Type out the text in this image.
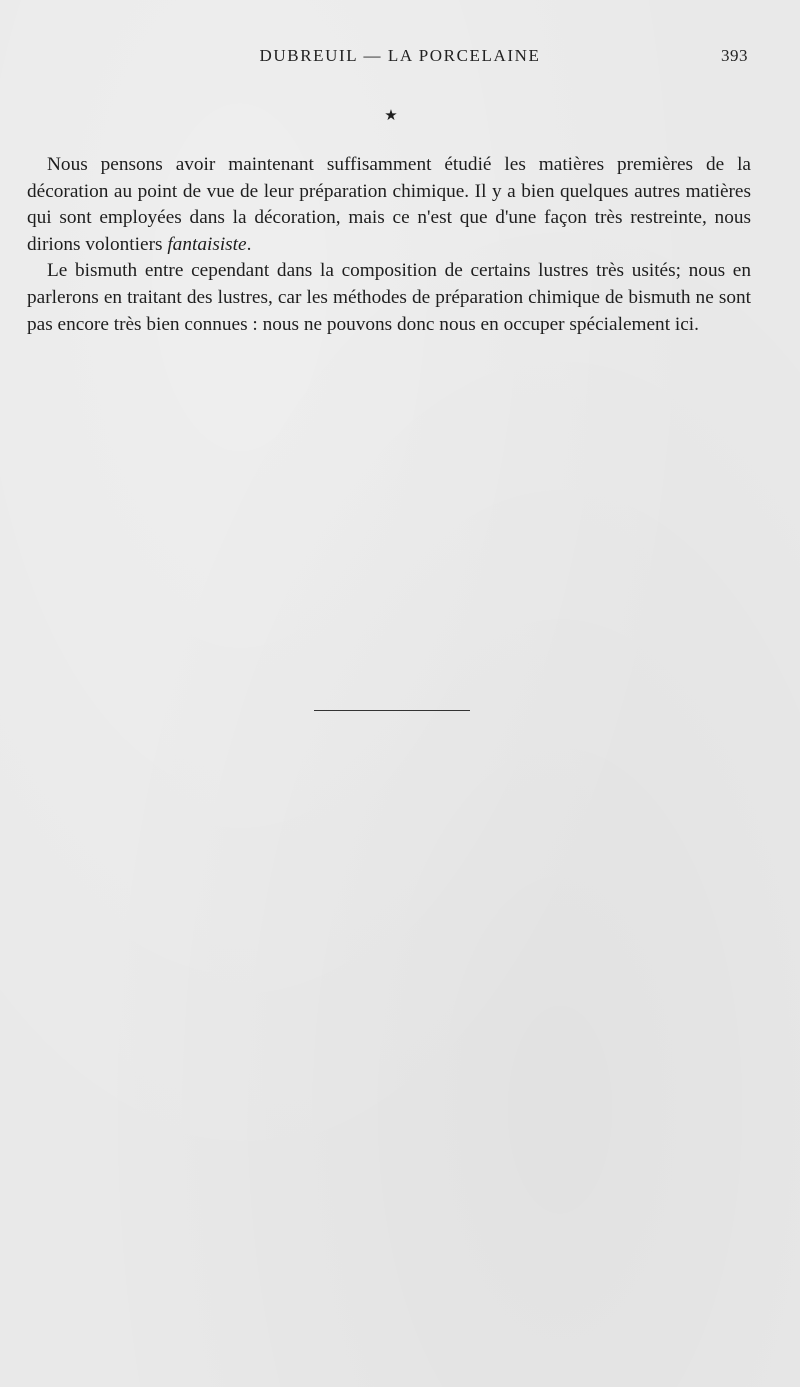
DUBREUIL — LA PORCELAINE	393
★

Nous pensons avoir maintenant suffisamment étudié les matières premières de la décoration au point de vue de leur préparation chimique. Il y a bien quelques autres matières qui sont employées dans la décoration, mais ce n'est que d'une façon très restreinte, nous dirions volontiers fantaisiste.

Le bismuth entre cependant dans la composition de certains lustres très usités; nous en parlerons en traitant des lustres, car les méthodes de préparation chimique de bismuth ne sont pas encore très bien connues : nous ne pouvons donc nous en occuper spécialement ici.
